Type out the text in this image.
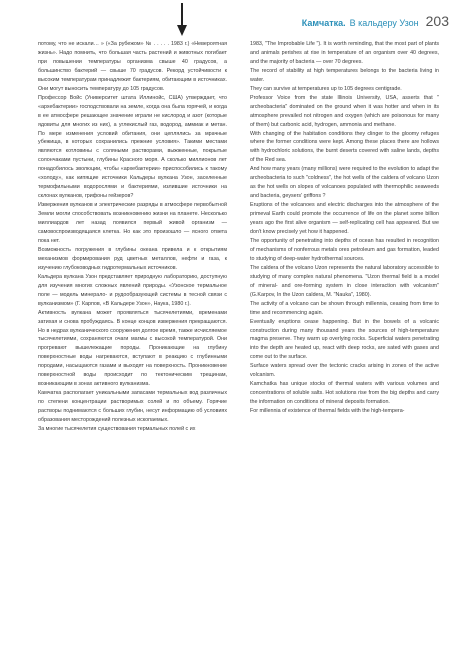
Камчатка. В кальдеру Узон 203

потому, что не искали… » («За рубежом» № . . . . . 1983 г.) «Невероятная жизнь». Надо помнить, что большая часть растений и животных погибает при повышении температуры организма свыше 40 градусов, а большинство бактерий — свыше 70 градусов. Рекорд устойчивости к высоким температурам принадлежит бактериям, обитающим в источниках. Они могут выносить температуру до 105 градусов.

Профессор Войс (Университет штата Иллинойс, США) утверждает, что «архебактерии» господствовали на земле, когда она была горячей, и когда в ее атмосфере решающее значение играли не кислород и азот (которые ядовиты для многих из них), а углекислый газ, водород, аммиак и метан. По мере изменения условий обитания, они цеплялись за мрачные убежища, в которых сохранились прежние условия». Такими местами являются котловины с соляными растворами, выжженные, покрытые солончаками пустыни, глубины Красного моря. А сколько миллионов лет понадобилось эволюции, чтобы «архебактерии» приспособились к такому «холоду», как кипящие источники Кальдеры вулкана Узон, заселенные термофильными водорослями и бактериями, излившие источники на склонах вулканов, грифоны гейзеров?

Извержения вулканов и электрические разряды в атмосфере первобытной Земли могли способствовать возникновению жизни на планете. Несколько миллиардов лет назад появился первый живой организм — самовоспроизводящаяся клетка. Но как это произошло — ясного ответа пока нет.

Возможность погружения в глубины океана привела и к открытиям механизмов формирования руд цветных металлов, нефти и газа, к изучению глубоководных гидротермальных источников.

Кальдера вулкана Узон представляет природную лабораторию, доступную для изучения многих сложных явлений природы. «Узонское термальное поле — модель минерало- и рудообразующей системы в тесной связи с вулканизмом» (Г. Карпов, «В Кальдере Узон», Наука, 1980 г.).

Активность вулкана может проявляться тысячелетиями, временами затихая и снова пробуждаясь. В конце концов извержения прекращаются. Но в недрах вулканического сооружения долгое время, также исчисляемое тысячелетиями, сохраняются очаги магмы с высокой температурой. Они прогревают вышележащие породы. Проникающие на глубину поверхностные воды нагреваются, вступают в реакцию с глубинными породами, насыщаются газами и выходят на поверхность. Проникновение поверхностной воды происходит по тектоническим трещинам, возникающим в зонах активного вулканизма.

Камчатка располагает уникальными запасами термальных вод различных по степени концентрации растворимых солей и по объему. Горячие растворы поднимаются с больших глубин, несут информацию об условиях образования месторождений полезных ископаемых.

За многие тысячелетия существования термальных полей с их

1983, "The Improbable Life "). It is worth reminding, that the most part of plants and animals perishes at rise in temperature of an organism over 40 degrees, and the majority of bacteria — over 70 degrees.

The record of stability at high temperatures belongs to the bacteria living in water.

They can survive at temperatures up to 105 degrees centigrade.

Professor Voice from the state Illinois University, USA, asserts that " archeobacteria" dominated on the ground when it was hotter and when in its atmosphere prevailed not nitrogen and oxygen (which are poisonous for many of them) but carbonic acid, hydrogen, ammonia and methane.

With changing of the habitation conditions they clinger to the gloomy refuges where the former conditions were kept. Among these places there are hollows with hydrochloric solutions, the burnt deserts covered with saline lands, depths of the Red sea.

And how many years (many millions) were required to the evolution to adapt the archeobacteria to such "coldness", the hot wells of the caldera of volcano Uzon as the hot wells on slopes of volcanoes populated with thermophilic seaweeds and bacteria, geysers' griffons ?

Eruptions of the volcanoes and electric discharges into the atmosphere of the primeval Earth could promote the occurrence of life on the planet some billion years ago the first alive organism — self-replicating cell has appeared. But we don't know precisely yet how it happened.

The opportunity of penetrating into depths of ocean has resulted in recognition of mechanisms of nonferrous metals ores petroleum and gas formation, leaded to studying of deep-water hydrothermal sources.

The caldera of the volcano Uzon represents the natural laboratory accessible to studying of many complex natural phenomena. "Uzon thermal field is a model of mineral- and ore-forming system in close interaction with volcanism" (G.Karpov, In the Uzon caldera, M. "Nauka", 1980).

The activity of a volcano can be shown through millennia, ceasing from time to time and recommencing again.

Eventually eruptions cease happening. But in the bowels of a volcanic construction during many thousand years the sources of high-temperature magma preserve. They warm up overlying rocks. Superficial waters penetrating into the depth are heated up, react with deep rocks, are sated with gases and come out to the surface.

Surface waters spread over the tectonic cracks arising in zones of the active volcanism.

Kamchatka has unique stocks of thermal waters with various volumes and concentrations of soluble salts. Hot solutions rise from the big depths and carry the information on conditions of mineral deposits formation.

For millennia of existence of thermal fields with the high-tempera-
